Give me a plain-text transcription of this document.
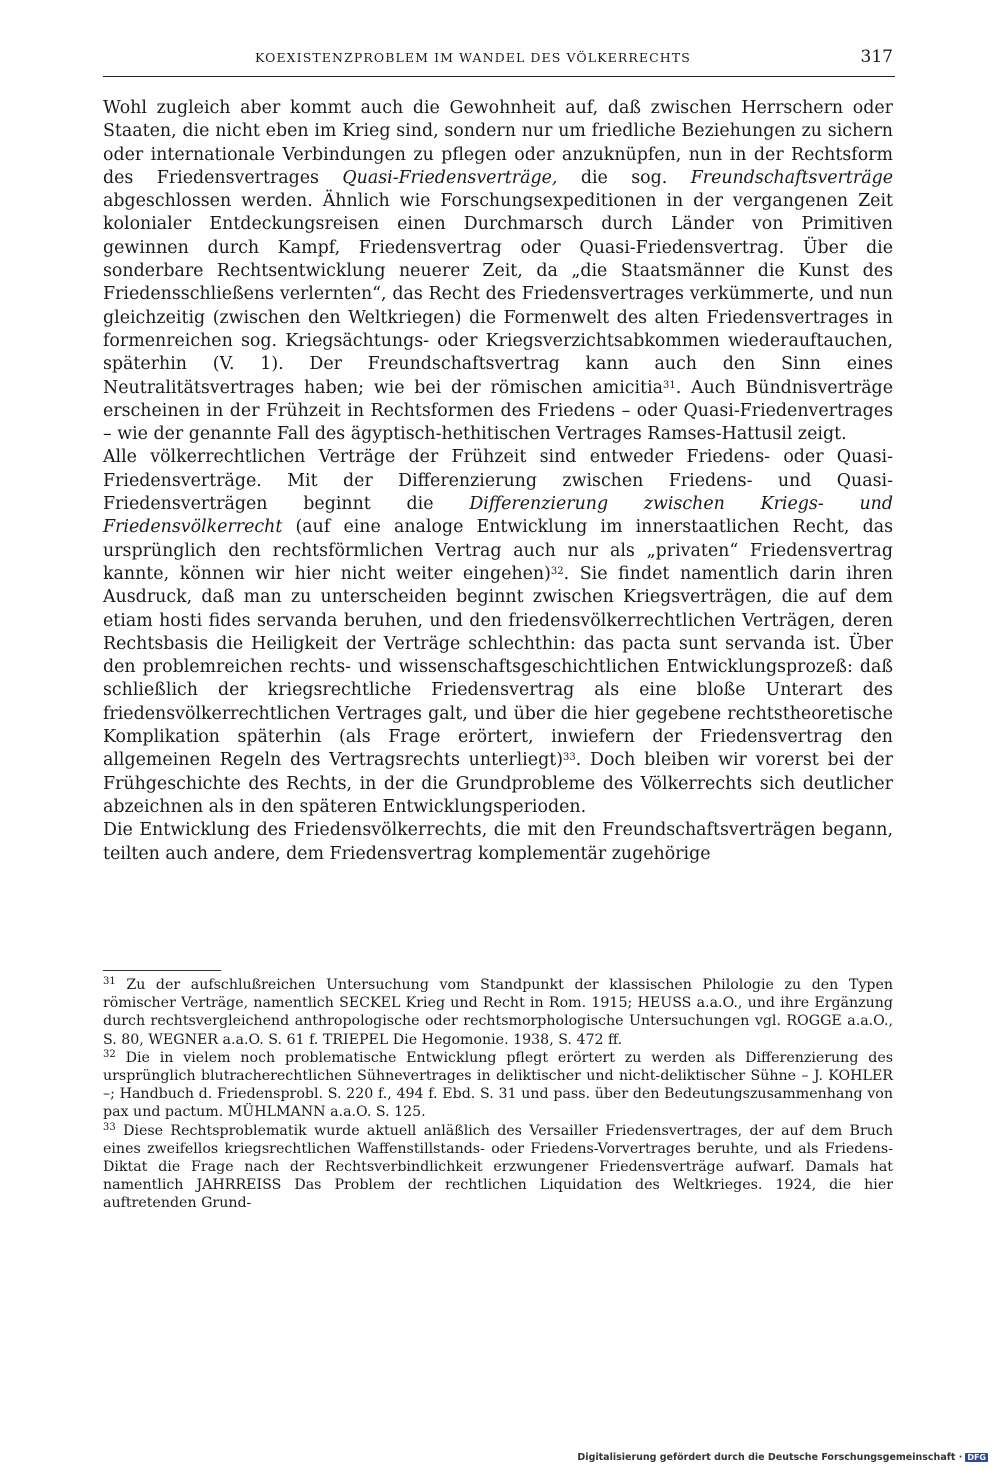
KOEXISTENZPROBLEM IM WANDEL DES VÖLKERRECHTS	317

Wohl zugleich aber kommt auch die Gewohnheit auf, daß zwischen Herrschern oder Staaten, die nicht eben im Krieg sind, sondern nur um friedliche Beziehungen zu sichern oder internationale Verbindungen zu pflegen oder anzuknüpfen, nun in der Rechtsform des Friedensvertrages Quasi-Friedensverträge, die sog. Freundschaftsverträge abgeschlossen werden. Ähnlich wie Forschungsexpeditionen in der vergangenen Zeit kolonialer Entdeckungsreisen einen Durchmarsch durch Länder von Primitiven gewinnen durch Kampf, Friedensvertrag oder Quasi-Friedensvertrag. Über die sonderbare Rechtsentwicklung neuerer Zeit, da „die Staatsmänner die Kunst des Friedensschließens verlernten“, das Recht des Friedensvertrages verkümmerte, und nun gleichzeitig (zwischen den Weltkriegen) die Formenwelt des alten Friedensvertrages in formenreichen sog. Kriegsächtungs- oder Kriegsverzichtsabkommen wiederauftauchen, späterhin (V. 1). Der Freundschaftsvertrag kann auch den Sinn eines Neutralitätsvertrages haben; wie bei der römischen amicitia$^{31}$. Auch Bündnisverträge erscheinen in der Frühzeit in Rechtsformen des Friedens – oder Quasi-Friedenvertrages – wie der genannte Fall des ägyptisch-hethitischen Vertrages Ramses-Hattusil zeigt.

Alle völkerrechtlichen Verträge der Frühzeit sind entweder Friedens- oder Quasi-Friedensverträge. Mit der Differenzierung zwischen Friedens- und Quasi-Friedensverträgen beginnt die Differenzierung zwischen Kriegs- und Friedensvölkerrecht (auf eine analoge Entwicklung im innerstaatlichen Recht, das ursprünglich den rechtsförmlichen Vertrag auch nur als „privaten“ Friedensvertrag kannte, können wir hier nicht weiter eingehen)$^{32}$. Sie findet namentlich darin ihren Ausdruck, daß man zu unterscheiden beginnt zwischen Kriegsverträgen, die auf dem etiam hosti fides servanda beruhen, und den friedensvölkerrechtlichen Verträgen, deren Rechtsbasis die Heiligkeit der Verträge schlechthin: das pacta sunt servanda ist. Über den problemreichen rechts- und wissenschaftsgeschichtlichen Entwicklungsprozeß: daß schließlich der kriegsrechtliche Friedensvertrag als eine bloße Unterart des friedensvölkerrechtlichen Vertrages galt, und über die hier gegebene rechtstheoretische Komplikation späterhin (als Frage erörtert, inwiefern der Friedensvertrag den allgemeinen Regeln des Vertragsrechts unterliegt)$^{33}$. Doch bleiben wir vorerst bei der Frühgeschichte des Rechts, in der die Grundprobleme des Völkerrechts sich deutlicher abzeichnen als in den späteren Entwicklungsperioden.

Die Entwicklung des Friedensvölkerrechts, die mit den Freundschaftsverträgen begann, teilten auch andere, dem Friedensvertrag komplementär zugehörige

$^{31}$ Zu der aufschlußreichen Untersuchung vom Standpunkt der klassischen Philologie zu den Typen römischer Verträge, namentlich SECKEL Krieg und Recht in Rom. 1915; HEUSS a.a.O., und ihre Ergänzung durch rechtsvergleichend anthropologische oder rechtsmorphologische Untersuchungen vgl. ROGGE a.a.O., S. 80, WEGNER a.a.O. S. 61 f. TRIEPEL Die Hegomonie. 1938, S. 472 ff.

$^{32}$ Die in vielem noch problematische Entwicklung pflegt erörtert zu werden als Differenzierung des ursprünglich blutracherechtlichen Sühnevertrages in deliktischer und nicht-deliktischer Sühne – J. KOHLER –; Handbuch d. Friedensprobl. S. 220 f., 494 f. Ebd. S. 31 und pass. über den Bedeutungszusammenhang von pax und pactum. MÜHLMANN a.a.O. S. 125.

$^{33}$ Diese Rechtsproblematik wurde aktuell anläßlich des Versailler Friedensvertrages, der auf dem Bruch eines zweifellos kriegsrechtlichen Waffenstillstands- oder Friedens-Vorvertrages beruhte, und als Friedens-Diktat die Frage nach der Rechtsverbindlichkeit erzwungener Friedensverträge aufwarf. Damals hat namentlich JAHRREISS Das Problem der rechtlichen Liquidation des Weltkrieges. 1924, die hier auftretenden Grund-

Digitalisierung gefördert durch die Deutsche Forschungsgemeinschaft · DFG
